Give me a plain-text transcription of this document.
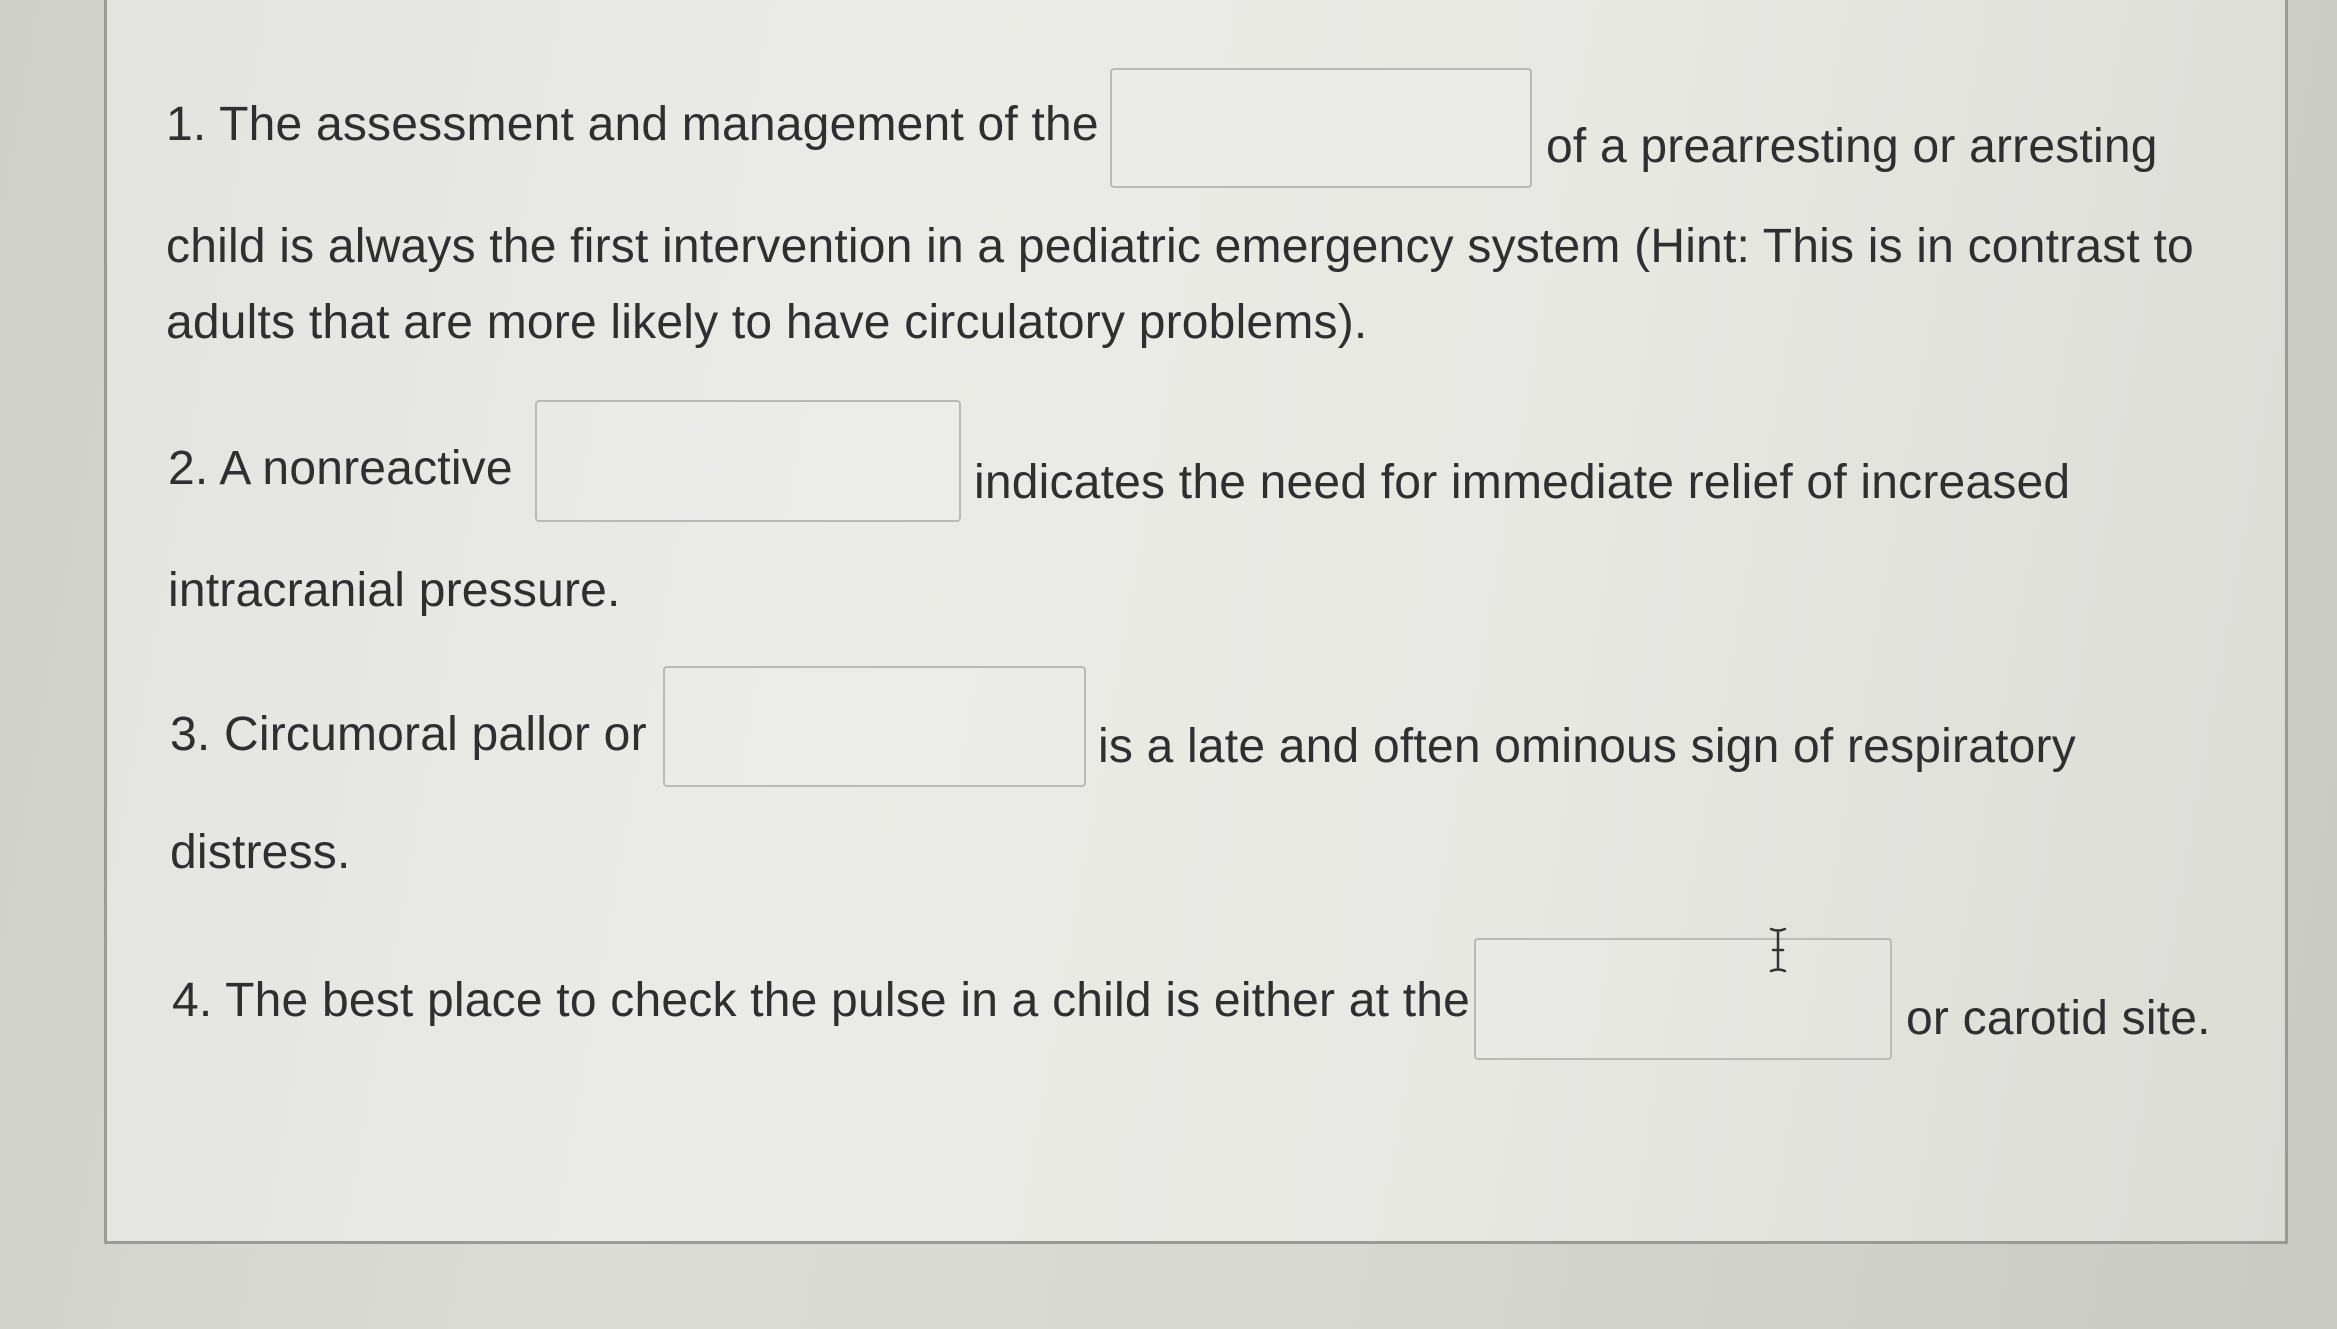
1. The assessment and management of the	of a prearresting or arresting
child is always the first intervention in a pediatric emergency system (Hint: This is in contrast to
adults that are more likely to have circulatory problems).
2. A nonreactive	indicates the need for immediate relief of increased
intracranial pressure.
3. Circumoral pallor or	is a late and often ominous sign of respiratory
distress.
4. The best place to check the pulse in a child is either at the	or carotid site.
